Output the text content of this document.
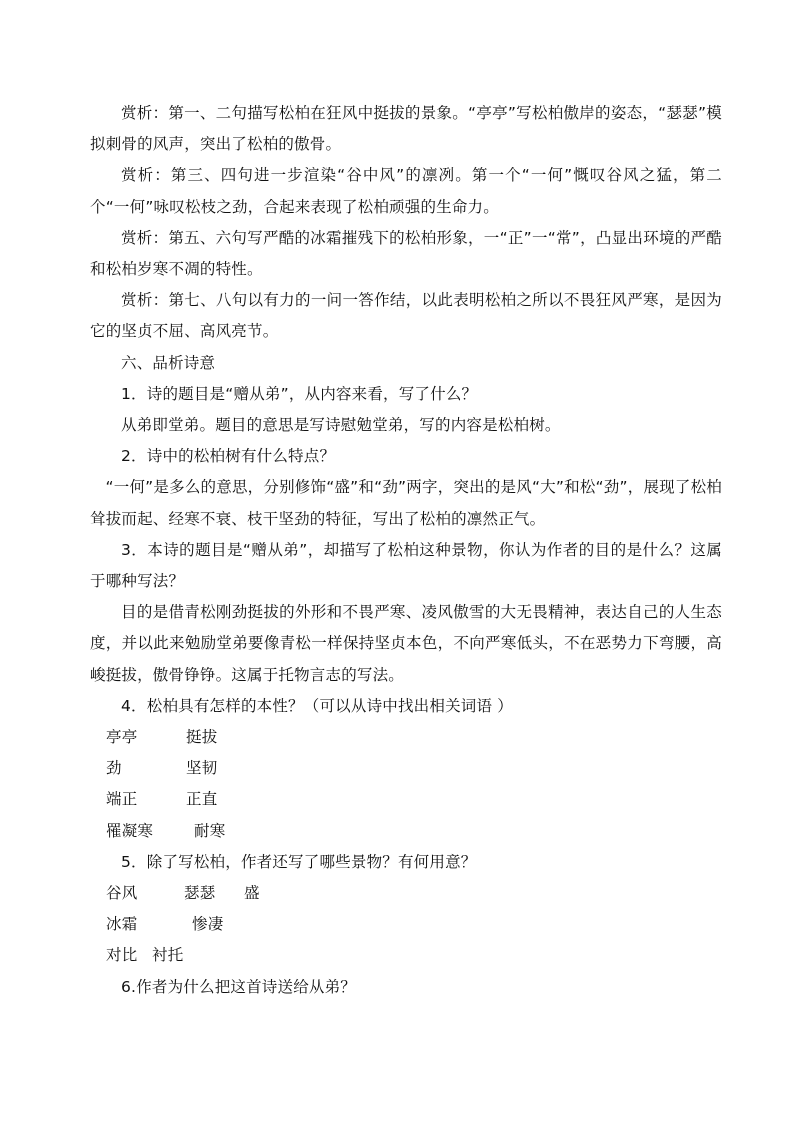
赏析：第一、二句描写松柏在狂风中挺拔的景象。“亭亭”写松柏傲岸的姿态，“瑟瑟”模拟刺骨的风声，突出了松柏的傲骨。

赏析：第三、四句进一步渲染“谷中风”的凛冽。第一个“一何”慨叹谷风之猛，第二个“一何”咏叹松枝之劲，合起来表现了松柏顽强的生命力。

赏析：第五、六句写严酷的冰霜摧残下的松柏形象，一“正”一“常”，凸显出环境的严酷和松柏岁寒不凋的特性。

赏析：第七、八句以有力的一问一答作结，以此表明松柏之所以不畏狂风严寒，是因为它的坚贞不屈、高风亮节。

六、品析诗意

1．诗的题目是“赠从弟”，从内容来看，写了什么？

从弟即堂弟。题目的意思是写诗慰勉堂弟，写的内容是松柏树。

2．诗中的松柏树有什么特点？

“一何”是多么的意思，分别修饰“盛”和“劲”两字，突出的是风“大”和松“劲”，展现了松柏耸拔而起、经寒不衰、枝干坚劲的特征，写出了松柏的凛然正气。

3．本诗的题目是“赠从弟”，却描写了松柏这种景物，你认为作者的目的是什么？这属于哪种写法？

目的是借青松刚劲挺拔的外形和不畏严寒、凌风傲雪的大无畏精神，表达自己的人生态度，并以此来勉励堂弟要像青松一样保持坚贞本色，不向严寒低头，不在恶势力下弯腰，高峻挺拔，傲骨铮铮。这属于托物言志的写法。

4．松柏具有怎样的本性？（可以从诗中找出相关词语 ）

亭亭	挺拔
劲	坚韧
端正	正直
罹凝寒	耐寒

5．除了写松柏，作者还写了哪些景物？有何用意？

谷风	瑟瑟	盛
冰霜	惨凄
对比 衬托

6.作者为什么把这首诗送给从弟？
